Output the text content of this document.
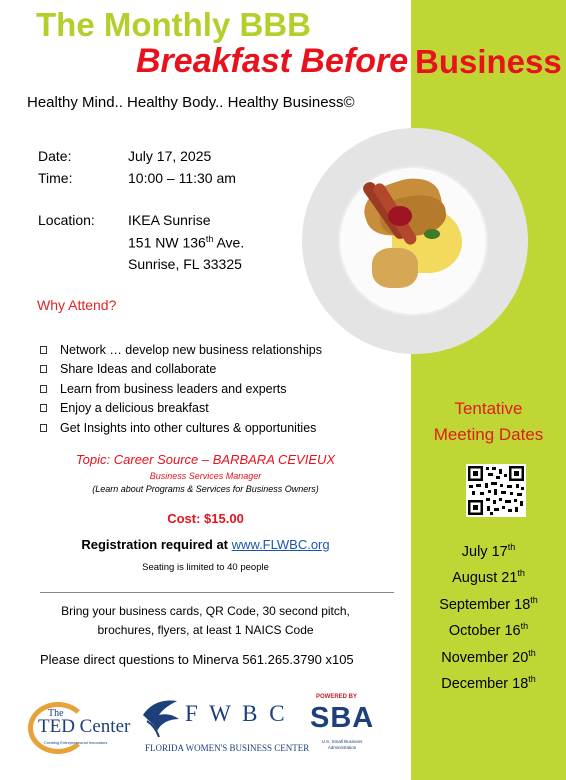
The Monthly BBB
Breakfast Before Business
Healthy Mind.. Healthy Body.. Healthy Business©
Date:	July 17, 2025
Time:	10:00 – 11:30 am
Location: IKEA Sunrise
151 NW 136th Ave.
Sunrise, FL 33325
Why Attend?
Network … develop new business relationships
Share Ideas and collaborate
Learn from business leaders and experts
Enjoy a delicious breakfast
Get Insights into other cultures & opportunities
Topic: Career Source – BARBARA CEVIEUX
Business Services Manager
(Learn about Programs & Services for Business Owners)
Cost: $15.00
Registration required at www.FLWBC.org
Seating is limited to 40 people
Bring your business cards, QR Code, 30 second pitch,
brochures, flyers, at least 1 NAICS Code
Please direct questions to Minerva 561.265.3790 x105
Tentative
Meeting Dates
July 17th
August 21th
September 18th
October 16th
November 20th
December 18th
The
TED Center
Creating Entrepreneurial Innovators
F W B C
FLORIDA WOMEN'S BUSINESS CENTER
POWERED BY
SBA
U.S. Small Business Administration
